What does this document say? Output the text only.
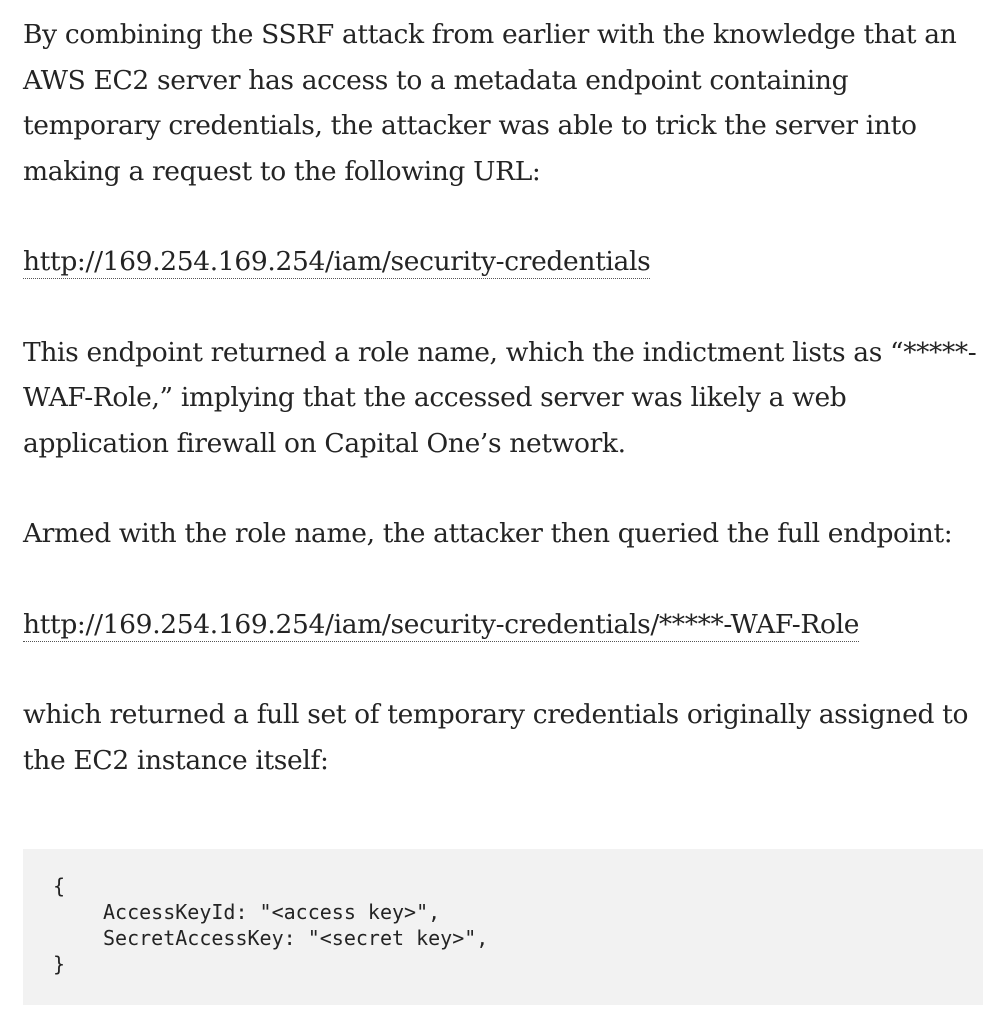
By combining the SSRF attack from earlier with the knowledge that an AWS EC2 server has access to a metadata endpoint containing temporary credentials, the attacker was able to trick the server into making a request to the following URL:

http://169.254.169.254/iam/security-credentials

This endpoint returned a role name, which the indictment lists as “*****-WAF-Role,” implying that the accessed server was likely a web application firewall on Capital One’s network.

Armed with the role name, the attacker then queried the full endpoint:

http://169.254.169.254/iam/security-credentials/*****-WAF-Role

which returned a full set of temporary credentials originally assigned to the EC2 instance itself:

{
AccessKeyId: "<access key>",
SecretAccessKey: "<secret key>",
}
